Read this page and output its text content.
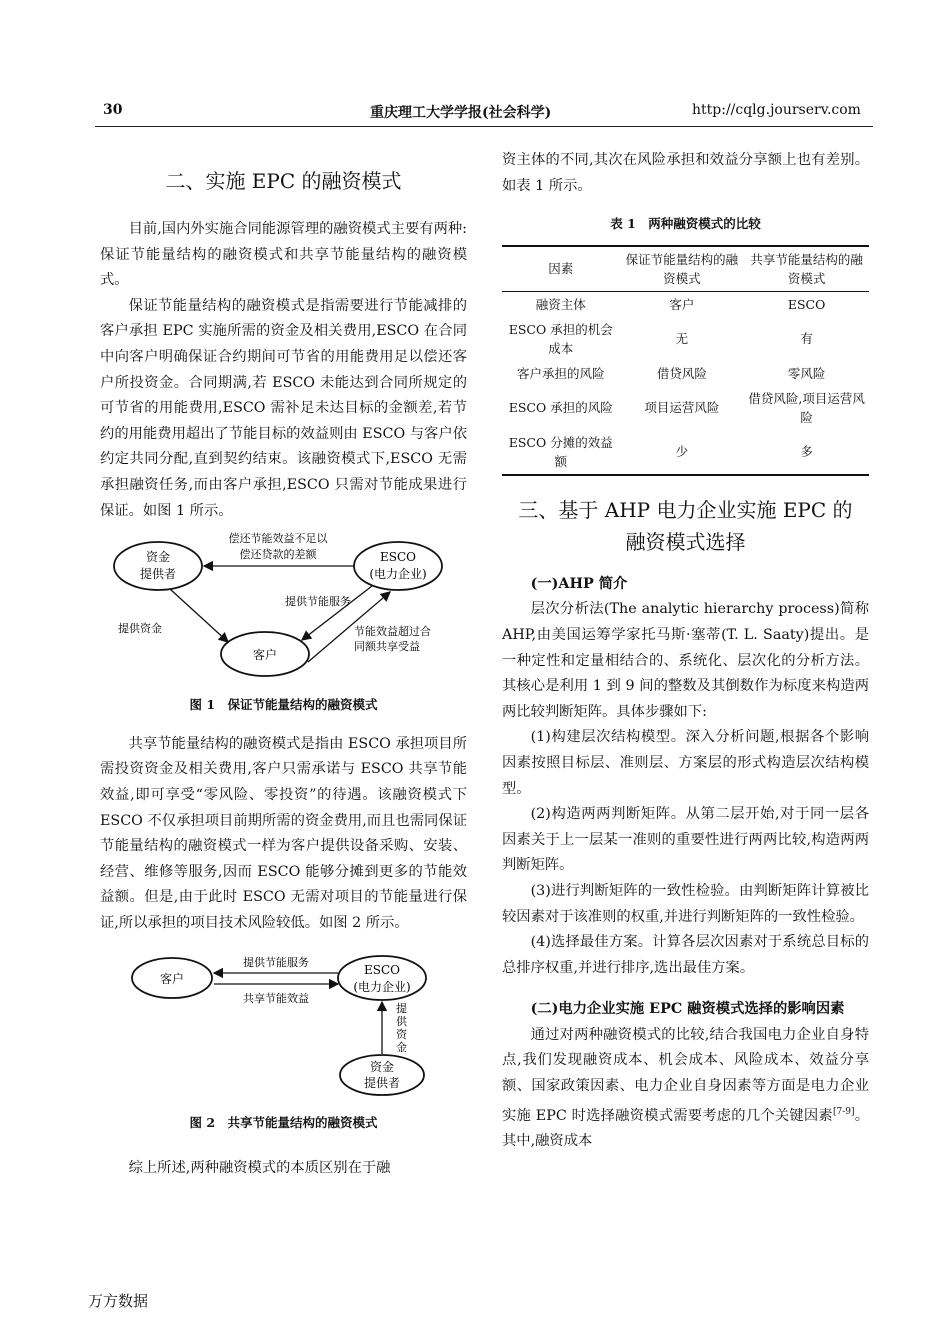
30	重庆理工大学学报(社会科学)	http://cqlg.jourserv.com
二、实施 EPC 的融资模式

目前,国内外实施合同能源管理的融资模式主要有两种:保证节能量结构的融资模式和共享节能量结构的融资模式。

保证节能量结构的融资模式是指需要进行节能减排的客户承担 EPC 实施所需的资金及相关费用,ESCO 在合同中向客户明确保证合约期间可节省的用能费用足以偿还客户所投资金。合同期满,若 ESCO 未能达到合同所规定的可节省的用能费用,ESCO 需补足未达目标的金额差,若节约的用能费用超出了节能目标的效益则由 ESCO 与客户依约定共同分配,直到契约结束。该融资模式下,ESCO 无需承担融资任务,而由客户承担,ESCO 只需对节能成果进行保证。如图 1 所示。

资金
提供者
ESCO
(电力企业)
客户
偿还节能效益不足以
偿还贷款的差额
提供节能服务
提供资金	节能效益超过合
同额共享受益
图 1　保证节能量结构的融资模式

共享节能量结构的融资模式是指由 ESCO 承担项目所需投资资金及相关费用,客户只需承诺与 ESCO 共享节能效益,即可享受“零风险、零投资”的待遇。该融资模式下 ESCO 不仅承担项目前期所需的资金费用,而且也需同保证节能量结构的融资模式一样为客户提供设备采购、安装、经营、维修等服务,因而 ESCO 能够分摊到更多的节能效益额。但是,由于此时 ESCO 无需对项目的节能量进行保证,所以承担的项目技术风险较低。如图 2 所示。

客户
ESCO
(电力企业)
资金
提供者
提供节能服务
共享节能效益
提供资金
图 2　共享节能量结构的融资模式

综上所述,两种融资模式的本质区别在于融

资主体的不同,其次在风险承担和效益分享额上也有差别。如表 1 所示。

表 1　两种融资模式的比较
因素	保证节能量结构的融资模式	共享节能量结构的融资模式
融资主体	客户	ESCO
ESCO 承担的机会成本	无	有
客户承担的风险	借贷风险	零风险
ESCO 承担的风险	项目运营风险	借贷风险,项目运营风险
ESCO 分摊的效益额	少	多
三、基于 AHP 电力企业实施 EPC 的
融资模式选择
(一)AHP 简介

层次分析法(The analytic hierarchy process)简称 AHP,由美国运筹学家托马斯·塞蒂(T. L. Saaty)提出。是一种定性和定量相结合的、系统化、层次化的分析方法。其核心是利用 1 到 9 间的整数及其倒数作为标度来构造两两比较判断矩阵。具体步骤如下:

(1)构建层次结构模型。深入分析问题,根据各个影响因素按照目标层、准则层、方案层的形式构造层次结构模型。

(2)构造两两判断矩阵。从第二层开始,对于同一层各因素关于上一层某一准则的重要性进行两两比较,构造两两判断矩阵。

(3)进行判断矩阵的一致性检验。由判断矩阵计算被比较因素对于该准则的权重,并进行判断矩阵的一致性检验。

(4)选择最佳方案。计算各层次因素对于系统总目标的总排序权重,并进行排序,选出最佳方案。

(二)电力企业实施 EPC 融资模式选择的影响因素

通过对两种融资模式的比较,结合我国电力企业自身特点,我们发现融资成本、机会成本、风险成本、效益分享额、国家政策因素、电力企业自身因素等方面是电力企业实施 EPC 时选择融资模式需要考虑的几个关键因素[7-9]。其中,融资成本

万方数据
